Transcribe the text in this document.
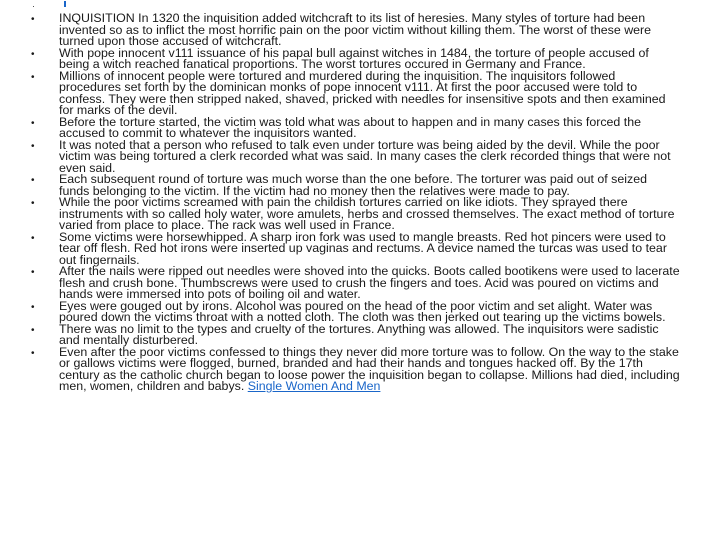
·
• INQUISITION In 1320 the inquisition added witchcraft to its list of heresies. Many styles of torture had been invented so as to inflict the most horrific pain on the poor victim without killing them. The worst of these were turned upon those accused of witchcraft.
• With pope innocent v111 issuance of his papal bull against witches in 1484, the torture of people accused of being a witch reached fanatical proportions. The worst tortures occured in Germany and France.
• Millions of innocent people were tortured and murdered during the inquisition. The inquisitors followed procedures set forth by the dominican monks of pope innocent v111. At first the poor accused were told to confess. They were then stripped naked, shaved, pricked with needles for insensitive spots and then examined for marks of the devil.
• Before the torture started, the victim was told what was about to happen and in many cases this forced the accused to commit to whatever the inquisitors wanted.
• It was noted that a person who refused to talk even under torture was being aided by the devil. While the poor victim was being tortured a clerk recorded what was said. In many cases the clerk recorded things that were not even said.
• Each subsequent round of torture was much worse than the one before. The torturer was paid out of seized funds belonging to the victim. If the victim had no money then the relatives were made to pay.
• While the poor victims screamed with pain the childish tortures carried on like idiots. They sprayed there instruments with so called holy water, wore amulets, herbs and crossed themselves. The exact method of torture varied from place to place. The rack was well used in France.
• Some victims were horsewhipped. A sharp iron fork was used to mangle breasts. Red hot pincers were used to tear off flesh. Red hot irons were inserted up vaginas and rectums. A device named the turcas was used to tear out fingernails.
• After the nails were ripped out needles were shoved into the quicks. Boots called bootikens were used to lacerate flesh and crush bone. Thumbscrews were used to crush the fingers and toes. Acid was poured on victims and hands were immersed into pots of boiling oil and water.
• Eyes were gouged out by irons. Alcohol was poured on the head of the poor victim and set alight. Water was poured down the victims throat with a notted cloth. The cloth was then jerked out tearing up the victims bowels.
• There was no limit to the types and cruelty of the tortures. Anything was allowed. The inquisitors were sadistic and mentally disturbered.
• Even after the poor victims confessed to things they never did more torture was to follow. On the way to the stake or gallows victims were flogged, burned, branded and had their hands and tongues hacked off. By the 17th century as the catholic church began to loose power the inquisition began to collapse. Millions had died, including men, women, children and babys. Single Women And Men
